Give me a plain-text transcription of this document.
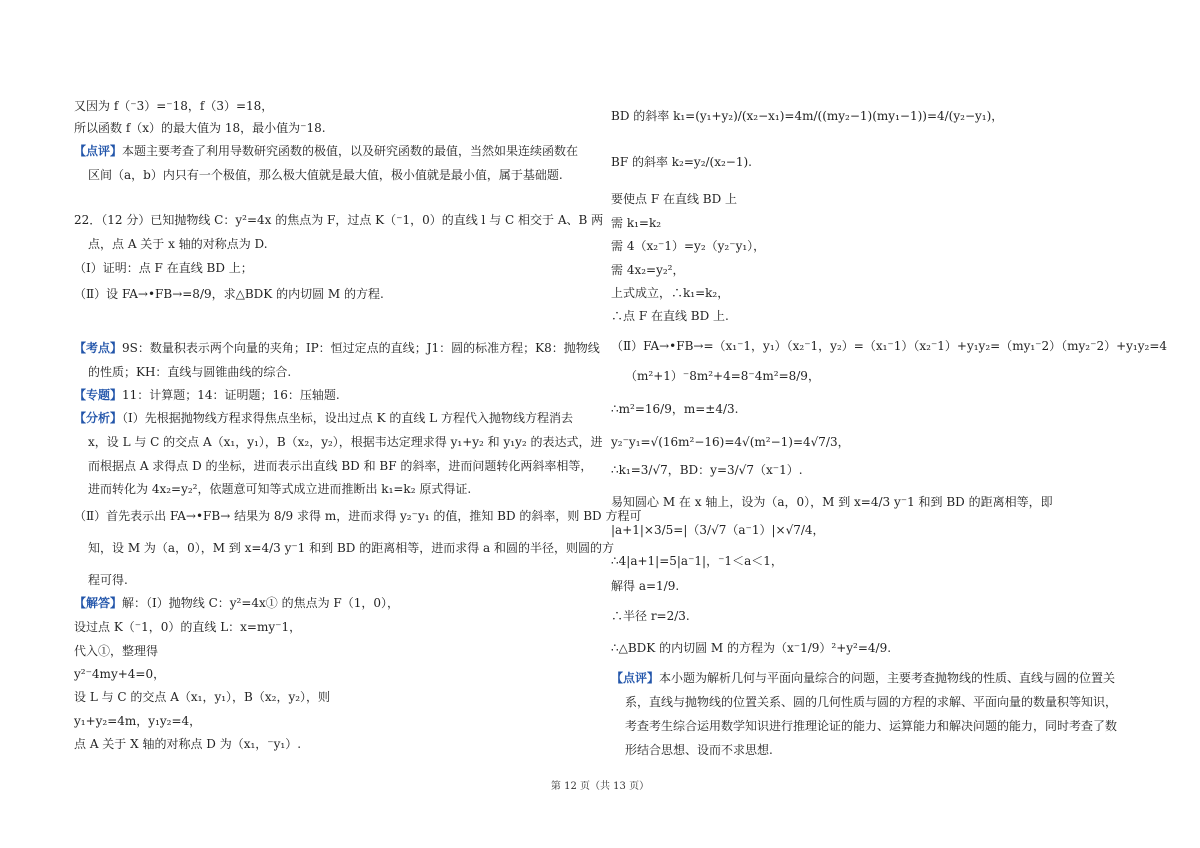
又因为 f（⁻3）=⁻18，f（3）=18，
所以函数 f（x）的最大值为 18，最小值为⁻18.
【点评】本题主要考查了利用导数研究函数的极值，以及研究函数的最值，当然如果连续函数在
区间（a，b）内只有一个极值，那么极大值就是最大值，极小值就是最小值，属于基础题.
22．（12 分）已知抛物线 C：y²=4x 的焦点为 F，过点 K（⁻1，0）的直线 l 与 C 相交于 A、B 两
点，点 A 关于 x 轴的对称点为 D.
（Ⅰ）证明：点 F 在直线 BD 上；
（Ⅱ）设 FA→•FB→=8/9，求△BDK 的内切圆 M 的方程.
【考点】9S：数量积表示两个向量的夹角；IP：恒过定点的直线；J1：圆的标准方程；K8：抛物线
的性质；KH：直线与圆锥曲线的综合.
【专题】11：计算题；14：证明题；16：压轴题.
【分析】（Ⅰ）先根据抛物线方程求得焦点坐标，设出过点 K 的直线 L 方程代入抛物线方程消去
x，设 L 与 C 的交点 A（x₁，y₁），B（x₂，y₂），根据韦达定理求得 y₁+y₂ 和 y₁y₂ 的表达式，进
而根据点 A 求得点 D 的坐标，进而表示出直线 BD 和 BF 的斜率，进而问题转化两斜率相等，
进而转化为 4x₂=y₂²，依题意可知等式成立进而推断出 k₁=k₂ 原式得证.
（Ⅱ）首先表示出 FA→•FB→ 结果为 8/9 求得 m，进而求得 y₂⁻y₁ 的值，推知 BD 的斜率，则 BD 方程可
知，设 M 为（a，0），M 到 x=4/3 y⁻1 和到 BD 的距离相等，进而求得 a 和圆的半径，则圆的方
程可得.
【解答】解：（Ⅰ）抛物线 C：y²=4x① 的焦点为 F（1，0），
设过点 K（⁻1，0）的直线 L：x=my⁻1，
代入①，整理得
y²⁻4my+4=0，
设 L 与 C 的交点 A（x₁，y₁），B（x₂，y₂），则
y₁+y₂=4m，y₁y₂=4，
点 A 关于 X 轴的对称点 D 为（x₁，⁻y₁）.
BD 的斜率 k₁=(y₁+y₂)/(x₂−x₁)=4m/((my₂−1)(my₁−1))=4/(y₂−y₁)，
BF 的斜率 k₂=y₂/(x₂−1).
要使点 F 在直线 BD 上
需 k₁=k₂
需 4（x₂⁻1）=y₂（y₂⁻y₁），
需 4x₂=y₂²，
上式成立，∴k₁=k₂，
∴点 F 在直线 BD 上.
（Ⅱ）FA→•FB→=（x₁⁻1，y₁）（x₂⁻1，y₂）=（x₁⁻1）（x₂⁻1）+y₁y₂=（my₁⁻2）（my₂⁻2）+y₁y₂=4
（m²+1）⁻8m²+4=8⁻4m²=8/9，
∴m²=16/9，m=±4/3.
y₂⁻y₁=√(16m²−16)=4√(m²−1)=4√7/3，
∴k₁=3/√7，BD：y=3/√7（x⁻1）.
易知圆心 M 在 x 轴上，设为（a，0），M 到 x=4/3 y⁻1 和到 BD 的距离相等，即
|a+1|×3/5=|（3/√7（a⁻1）|×√7/4，
∴4|a+1|=5|a⁻1|，⁻1＜a＜1，
解得 a=1/9.
∴半径 r=2/3.
∴△BDK 的内切圆 M 的方程为（x⁻1/9）²+y²=4/9.
【点评】本小题为解析几何与平面向量综合的问题，主要考查抛物线的性质、直线与圆的位置关
系，直线与抛物线的位置关系、圆的几何性质与圆的方程的求解、平面向量的数量积等知识，
考查考生综合运用数学知识进行推理论证的能力、运算能力和解决问题的能力，同时考查了数
形结合思想、设而不求思想.
第 12 页（共 13 页）
